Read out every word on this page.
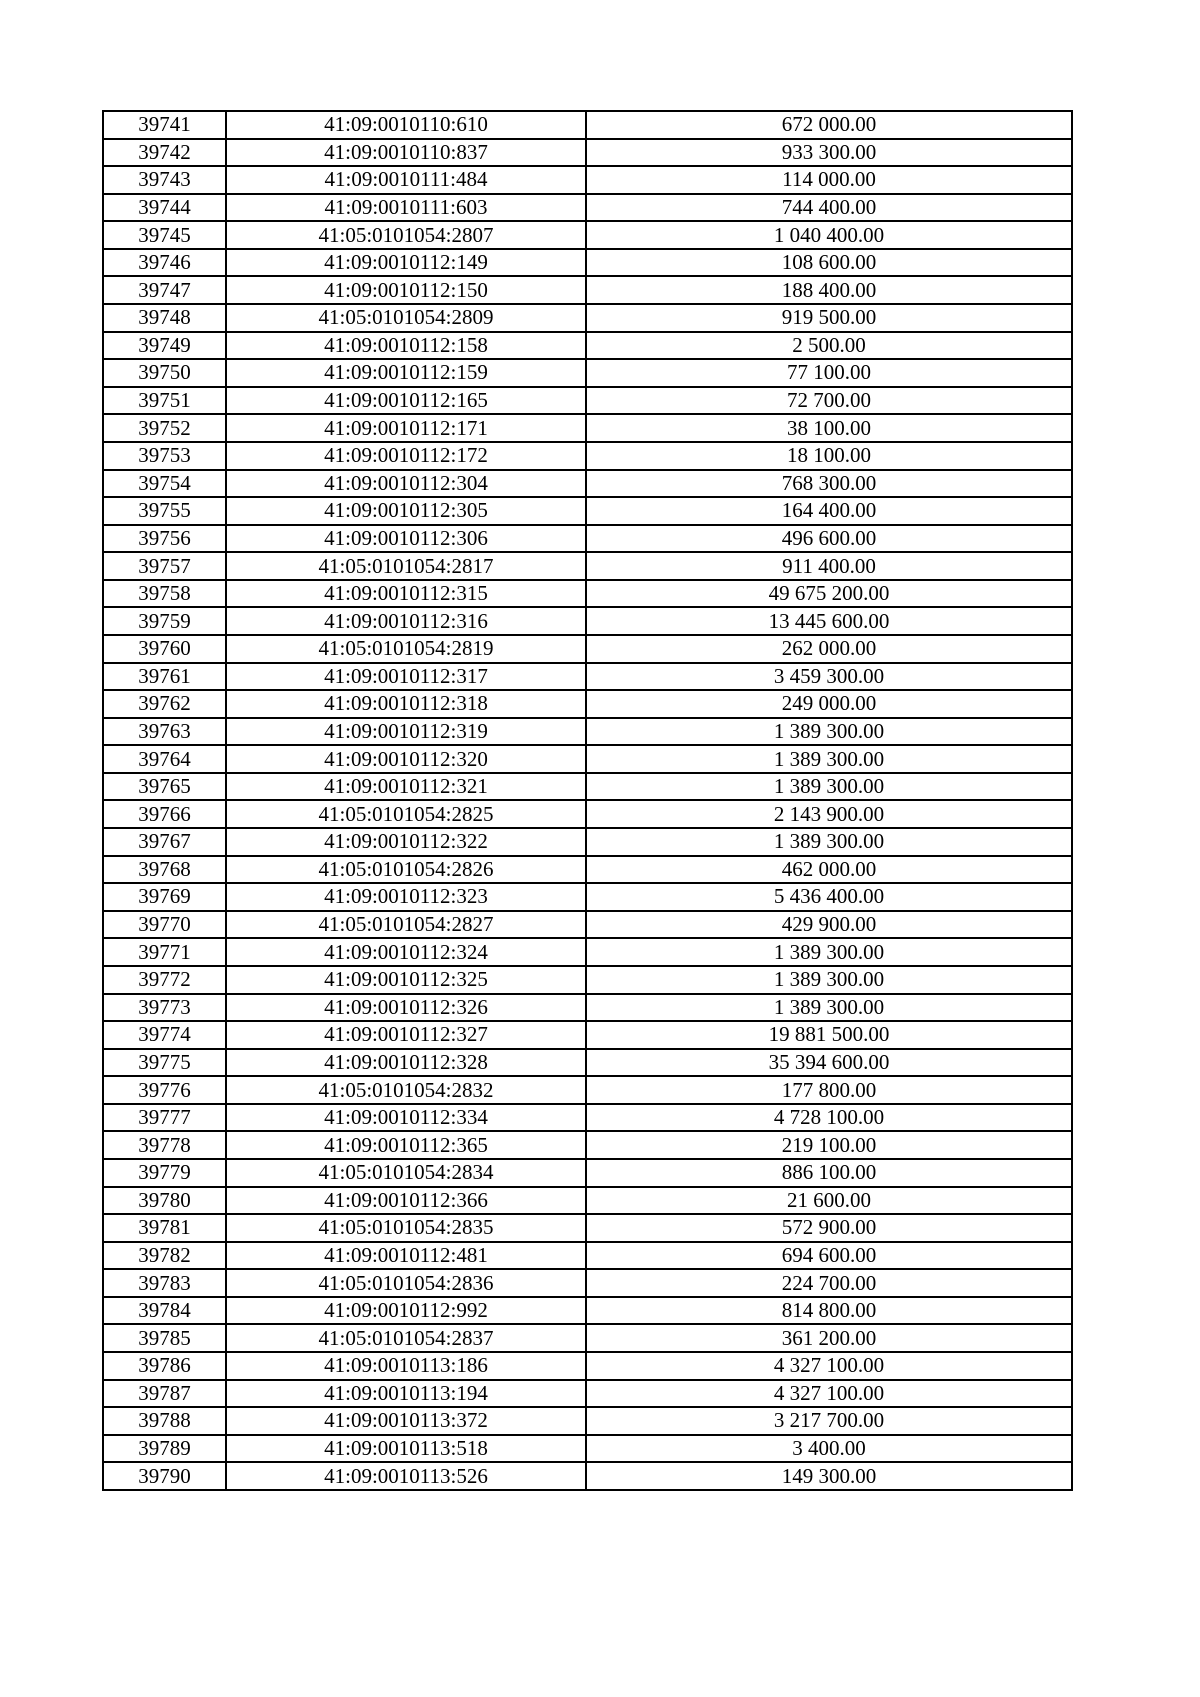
39741	41:09:0010110:610	672 000.00
39742	41:09:0010110:837	933 300.00
39743	41:09:0010111:484	114 000.00
39744	41:09:0010111:603	744 400.00
39745	41:05:0101054:2807	1 040 400.00
39746	41:09:0010112:149	108 600.00
39747	41:09:0010112:150	188 400.00
39748	41:05:0101054:2809	919 500.00
39749	41:09:0010112:158	2 500.00
39750	41:09:0010112:159	77 100.00
39751	41:09:0010112:165	72 700.00
39752	41:09:0010112:171	38 100.00
39753	41:09:0010112:172	18 100.00
39754	41:09:0010112:304	768 300.00
39755	41:09:0010112:305	164 400.00
39756	41:09:0010112:306	496 600.00
39757	41:05:0101054:2817	911 400.00
39758	41:09:0010112:315	49 675 200.00
39759	41:09:0010112:316	13 445 600.00
39760	41:05:0101054:2819	262 000.00
39761	41:09:0010112:317	3 459 300.00
39762	41:09:0010112:318	249 000.00
39763	41:09:0010112:319	1 389 300.00
39764	41:09:0010112:320	1 389 300.00
39765	41:09:0010112:321	1 389 300.00
39766	41:05:0101054:2825	2 143 900.00
39767	41:09:0010112:322	1 389 300.00
39768	41:05:0101054:2826	462 000.00
39769	41:09:0010112:323	5 436 400.00
39770	41:05:0101054:2827	429 900.00
39771	41:09:0010112:324	1 389 300.00
39772	41:09:0010112:325	1 389 300.00
39773	41:09:0010112:326	1 389 300.00
39774	41:09:0010112:327	19 881 500.00
39775	41:09:0010112:328	35 394 600.00
39776	41:05:0101054:2832	177 800.00
39777	41:09:0010112:334	4 728 100.00
39778	41:09:0010112:365	219 100.00
39779	41:05:0101054:2834	886 100.00
39780	41:09:0010112:366	21 600.00
39781	41:05:0101054:2835	572 900.00
39782	41:09:0010112:481	694 600.00
39783	41:05:0101054:2836	224 700.00
39784	41:09:0010112:992	814 800.00
39785	41:05:0101054:2837	361 200.00
39786	41:09:0010113:186	4 327 100.00
39787	41:09:0010113:194	4 327 100.00
39788	41:09:0010113:372	3 217 700.00
39789	41:09:0010113:518	3 400.00
39790	41:09:0010113:526	149 300.00
